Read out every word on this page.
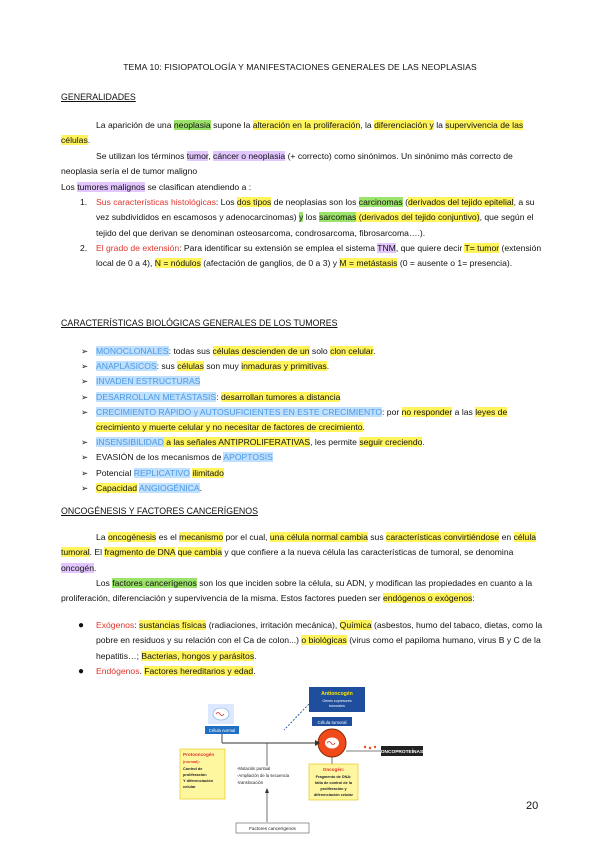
TEMA 10: FISIOPATOLOGÍA Y MANIFESTACIONES GENERALES DE LAS NEOPLASIAS
GENERALIDADES
La aparición de una neoplasia supone la alteración en la proliferación, la diferenciación y la supervivencia de las células.
Se utilizan los términos tumor, cáncer o neoplasia (+ correcto) como sinónimos. Un sinónimo más correcto de neoplasia sería el de tumor maligno
Los tumores malignos se clasifican atendiendo a :
1. Sus características histológicas: Los dos tipos de neoplasias son los carcinomas (derivados del tejido epitelial, a su vez subdivididos en escamosos y adenocarcinomas) y los sarcomas (derivados del tejido conjuntivo), que según el tejido del que derivan se denominan osteosarcoma, condrosarcoma, fibrosarcoma….).
2. El grado de extensión: Para identificar su extensión se emplea el sistema TNM, que quiere decir T= tumor (extensión local de 0 a 4), N = nódulos (afectación de ganglios, de 0 a 3) y M = metástasis (0 = ausente o 1= presencia).
CARACTERÍSTICAS BIOLÓGICAS GENERALES DE LOS TUMORES
➢ MONOCLONALES: todas sus células descienden de un solo clon celular.
➢ ANAPLÁSICOS: sus células son muy inmaduras y primitivas.
➢ INVADEN ESTRUCTURAS
➢ DESARROLLAN METÁSTASIS: desarrollan tumores a distancia
➢ CRECIMIENTO RÁPIDO y AUTOSUFICIENTES EN ESTE CRECIMIENTO: por no responder a las leyes de crecimiento y muerte celular y no necesitar de factores de crecimiento.
➢ INSENSIBILIDAD a las señales ANTIPROLIFERATIVAS, les permite seguir creciendo.
➢ EVASIÓN de los mecanismos de APOPTOSIS
➢ Potencial REPLICATIVO ilimitado
➢ Capacidad ANGIOGÉNICA.
ONCOGÉNESIS Y FACTORES CANCERÍGENOS
La oncogénesis es el mecanismo por el cual, una célula normal cambia sus características convirtiéndose en célula tumoral. El fragmento de DNA que cambia y que confiere a la nueva célula las características de tumoral, se denomina oncogén.
Los factores cancerígenos son los que inciden sobre la célula, su ADN, y modifican las propiedades en cuanto a la proliferación, diferenciación y supervivencia de la misma. Estos factores pueden ser endógenos o exógenos:
● Exógenos: sustancias físicas (radiaciones, irritación mecánica), Química (asbestos, humo del tabaco, dietas, como la pobre en residuos y su relación con el Ca de colon...) o biológicas (virus como el papiloma humano, virus B y C de la hepatitis…; Bacterias, hongos y parásitos.
● Endógenos. Factores hereditarios y edad.
Antioncogén
Genes supresores
tumorales
Célula tumoral
ONCOPROTEÍNAS
Célula normal
Protooncogén
(normal):
Control de
proliferación
Y diferenciación
celular
-Mutación puntual
-Ampliación de la secuencia
-translocación
Factores cancerígenos
Oncogén:
Fragmento de DNA:
falta de control de la
proliferación y
diferenciación celular
20
